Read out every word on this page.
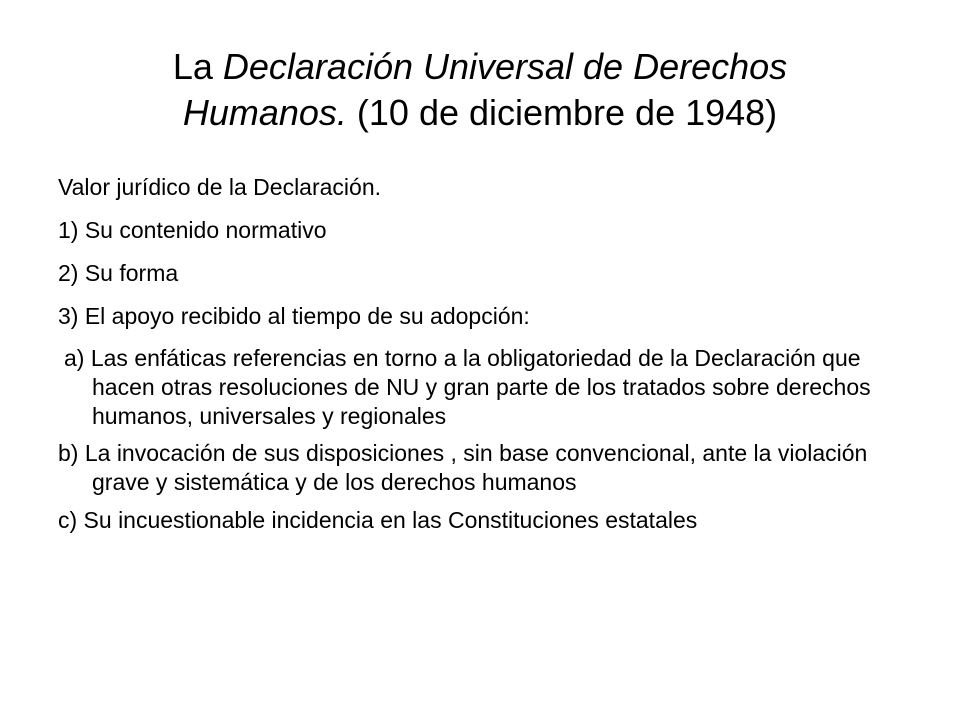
La Declaración Universal de Derechos
Humanos. (10 de diciembre de 1948)

Valor jurídico de la Declaración.

1) Su contenido normativo

2) Su forma

3) El apoyo recibido al tiempo de su adopción:

a) Las enfáticas referencias en torno a la obligatoriedad de la Declaración que hacen otras resoluciones de NU y gran parte de los tratados sobre derechos humanos, universales y regionales

b) La invocación de sus disposiciones , sin base convencional, ante la violación grave y sistemática y de los derechos humanos

c) Su incuestionable incidencia en las Constituciones estatales
